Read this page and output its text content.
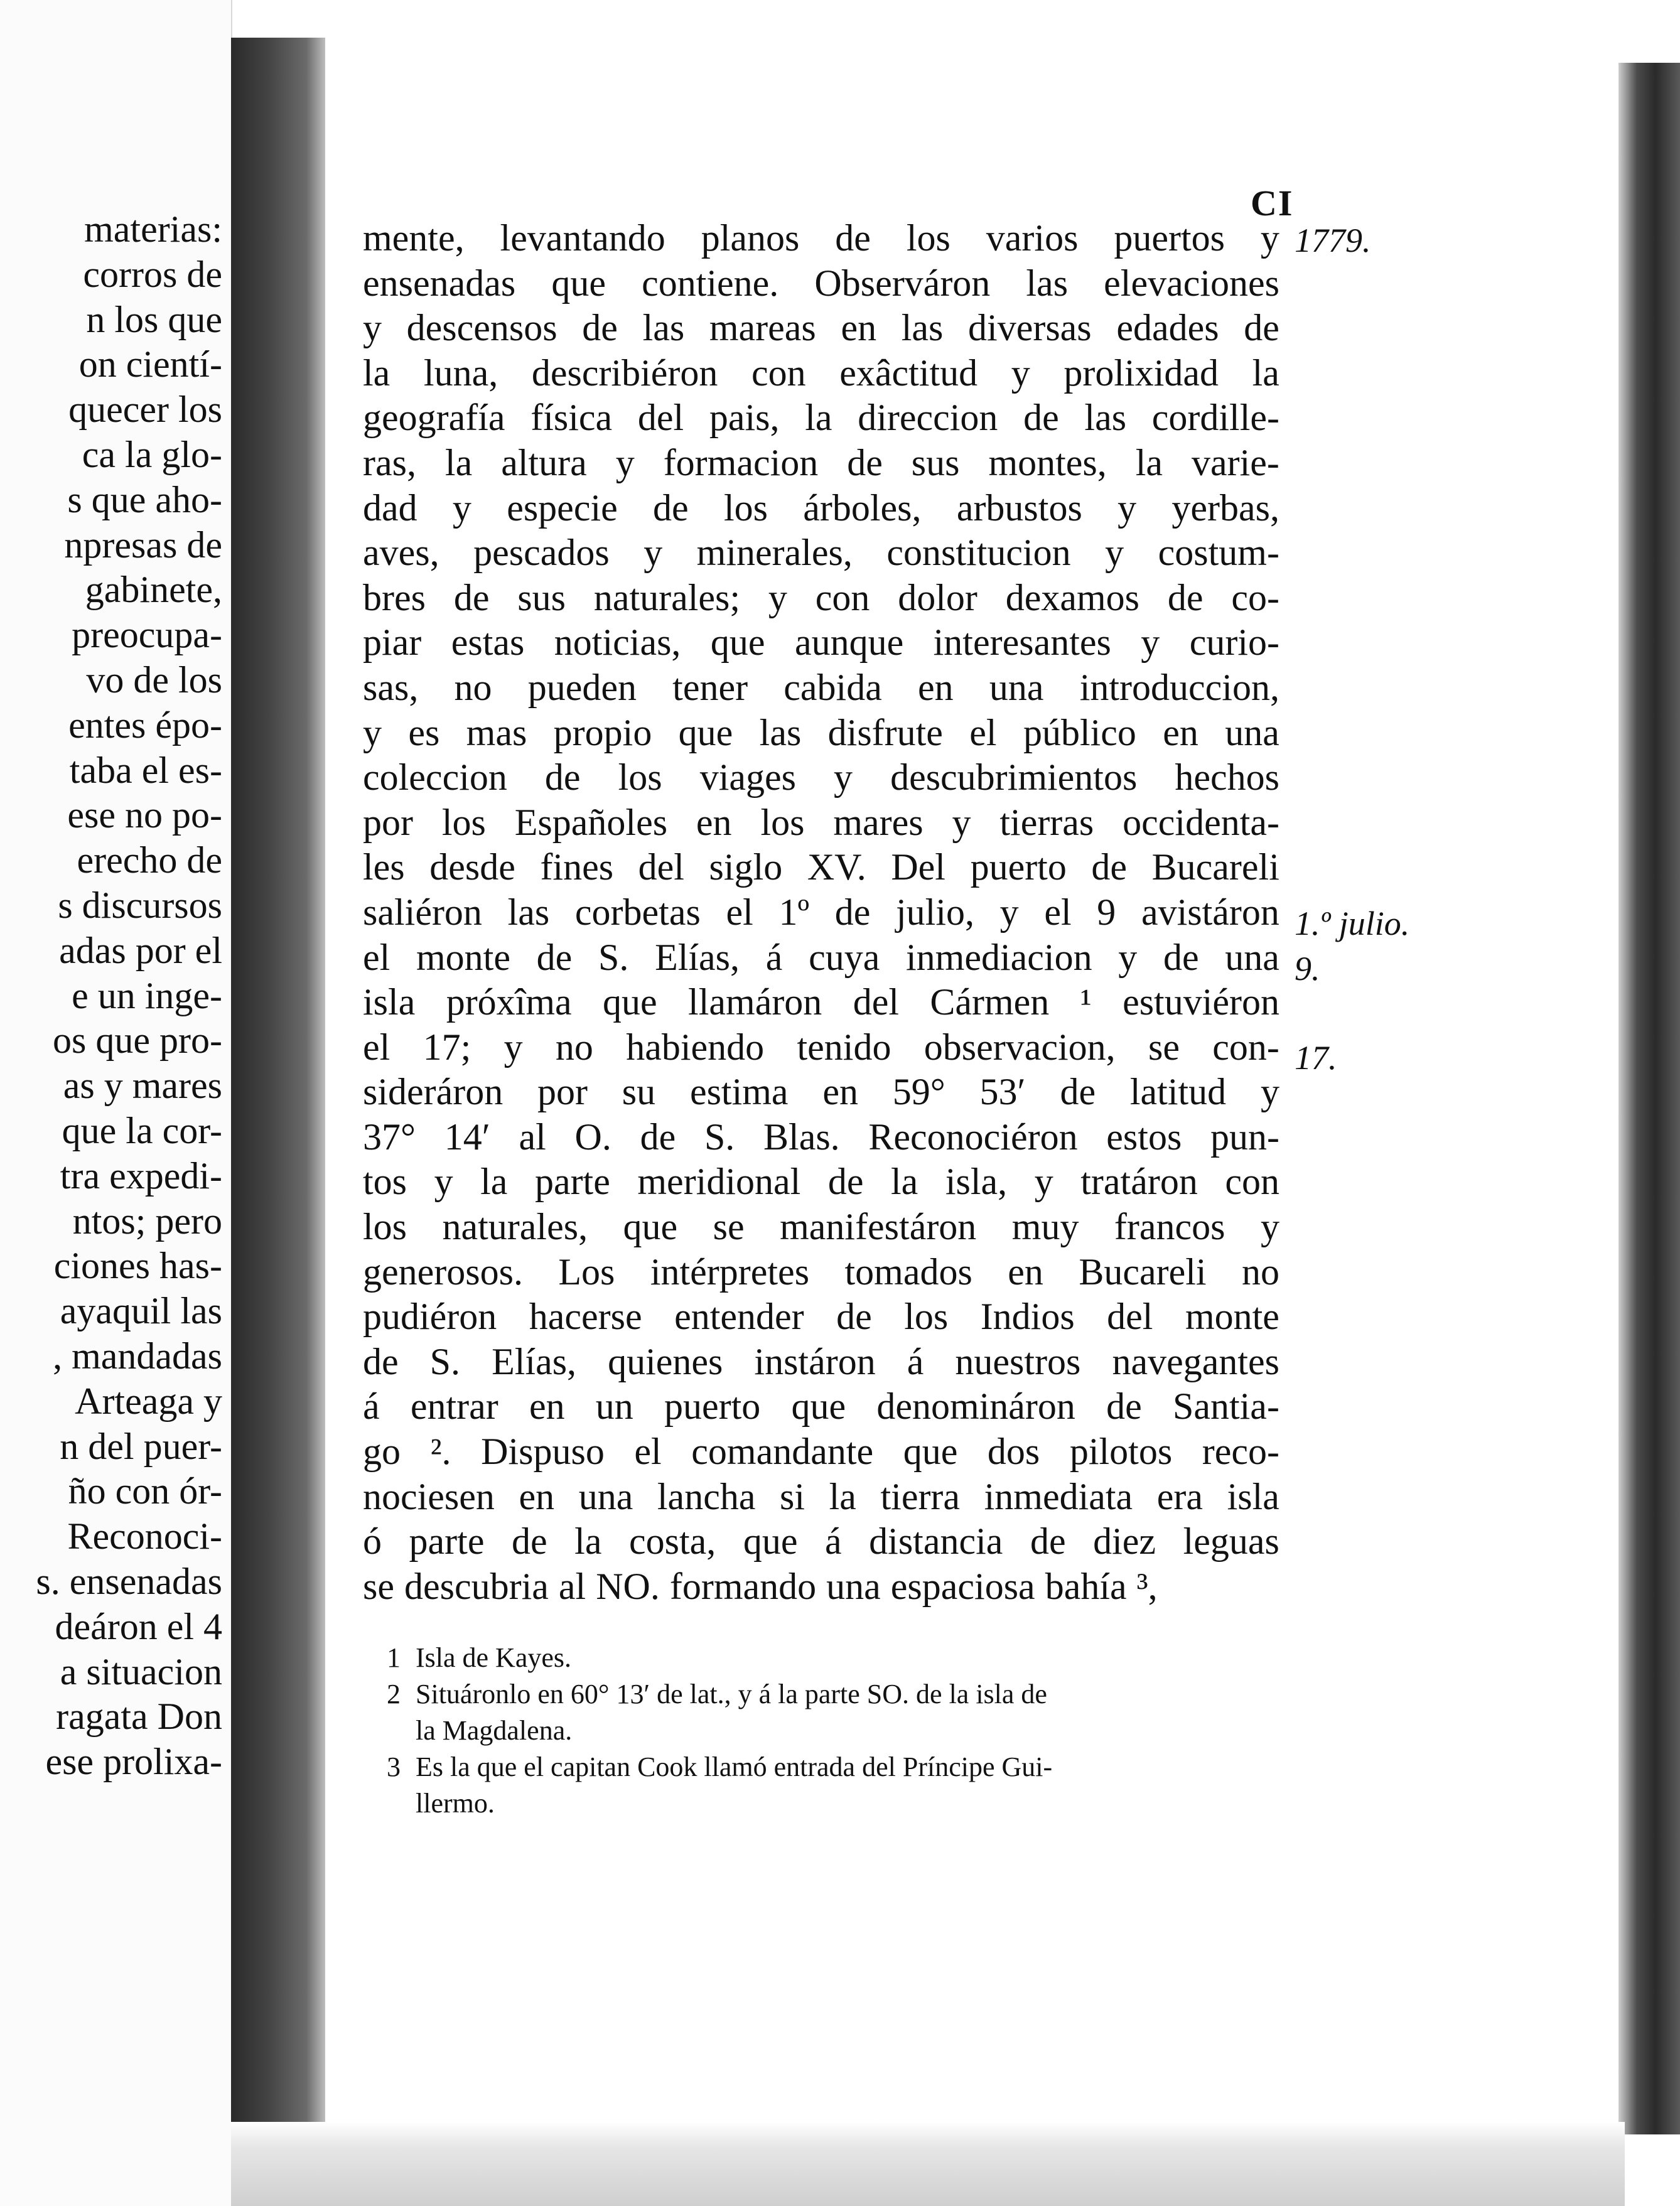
materias:
corros de
n los que
on cientí-
quecer los
ca la glo-
s que aho-
npresas de
gabinete,
preocupa-
vo de los
entes épo-
taba el es-
ese no po-
erecho de
s discursos
adas por el
e un inge-
os que pro-
as y mares
que la cor-
tra expedi-
ntos; pero
ciones has-
ayaquil las
, mandadas
Arteaga y
n del puer-
ño con ór-
Reconoci-
s. ensenadas
deáron el 4
a situacion
ragata Don
ese prolixa-
CI
mente, levantando planos de los varios puertos y
ensenadas que contiene. Observáron las elevaciones
y descensos de las mareas en las diversas edades de
la luna, describiéron con exâctitud y prolixidad la
geografía física del pais, la direccion de las cordille-
ras, la altura y formacion de sus montes, la varie-
dad y especie de los árboles, arbustos y yerbas,
aves, pescados y minerales, constitucion y costum-
bres de sus naturales; y con dolor dexamos de co-
piar estas noticias, que aunque interesantes y curio-
sas, no pueden tener cabida en una introduccion,
y es mas propio que las disfrute el público en una
coleccion de los viages y descubrimientos hechos
por los Españoles en los mares y tierras occidenta-
les desde fines del siglo XV. Del puerto de Bucareli
saliéron las corbetas el 1º de julio, y el 9 avistáron
el monte de S. Elías, á cuya inmediacion y de una
isla próxîma que llamáron del Cármen ¹ estuviéron
el 17; y no habiendo tenido observacion, se con-
sideráron por su estima en 59° 53′ de latitud y
37° 14′ al O. de S. Blas. Reconociéron estos pun-
tos y la parte meridional de la isla, y tratáron con
los naturales, que se manifestáron muy francos y
generosos. Los intérpretes tomados en Bucareli no
pudiéron hacerse entender de los Indios del monte
de S. Elías, quienes instáron á nuestros navegantes
á entrar en un puerto que denomináron de Santia-
go ². Dispuso el comandante que dos pilotos reco-
nociesen en una lancha si la tierra inmediata era isla
ó parte de la costa, que á distancia de diez leguas
se descubria al NO. formando una espaciosa bahía ³,
1779.
1.º julio.
9.
17.
1 Isla de Kayes.
2 Situáronlo en 60° 13′ de lat., y á la parte SO. de la isla de
la Magdalena.
3 Es la que el capitan Cook llamó entrada del Príncipe Gui-
llermo.
